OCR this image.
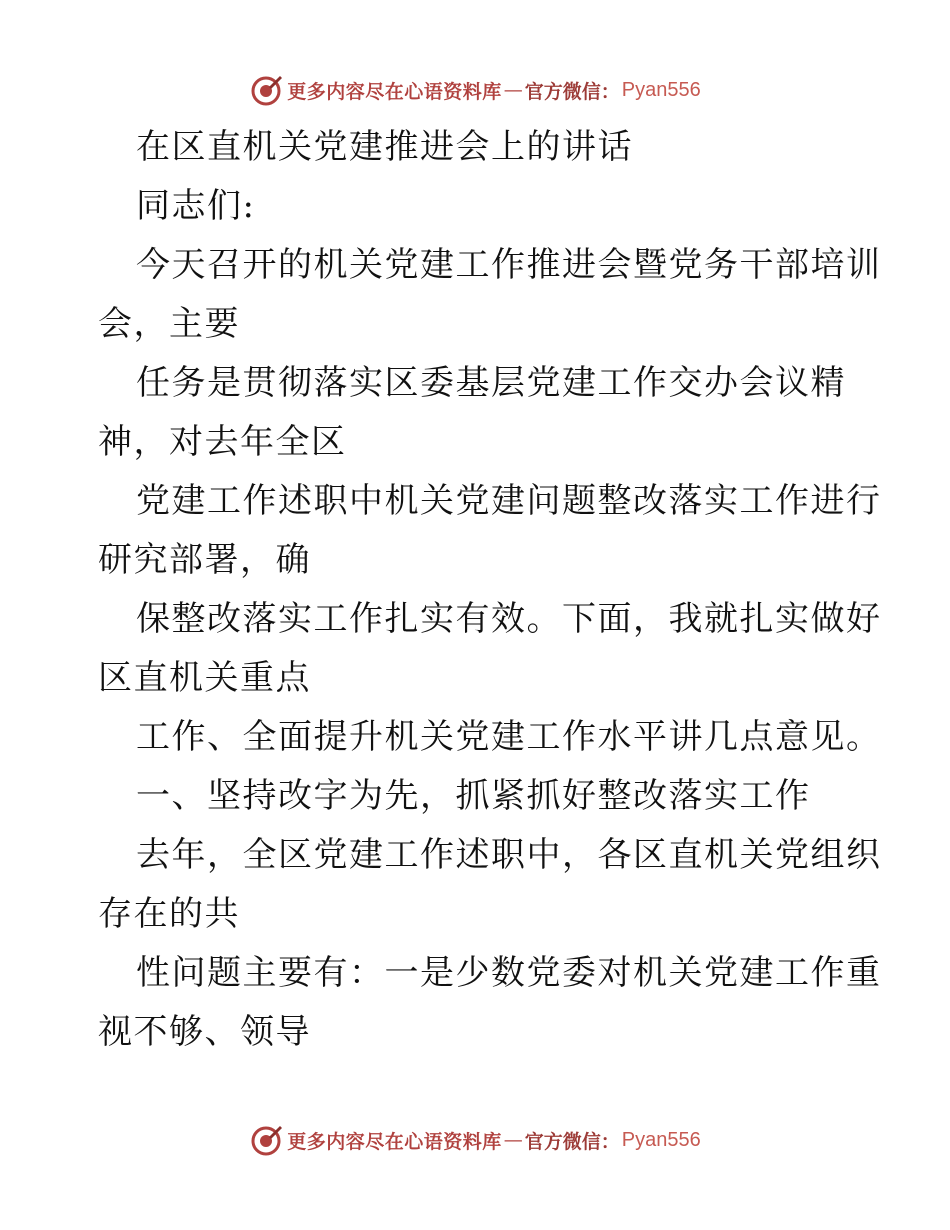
更多内容尽在心语资料库 — 官方微信： Pyan556

在区直机关党建推进会上的讲话

同志们:

今天召开的机关党建工作推进会暨党务干部培训

会，主要

任务是贯彻落实区委基层党建工作交办会议精

神，对去年全区

党建工作述职中机关党建问题整改落实工作进行

研究部署，确

保整改落实工作扎实有效。下面，我就扎实做好

区直机关重点

工作、全面提升机关党建工作水平讲几点意见。

一、坚持改字为先，抓紧抓好整改落实工作

去年，全区党建工作述职中，各区直机关党组织

存在的共

性问题主要有：一是少数党委对机关党建工作重

视不够、领导

更多内容尽在心语资料库 — 官方微信： Pyan556
